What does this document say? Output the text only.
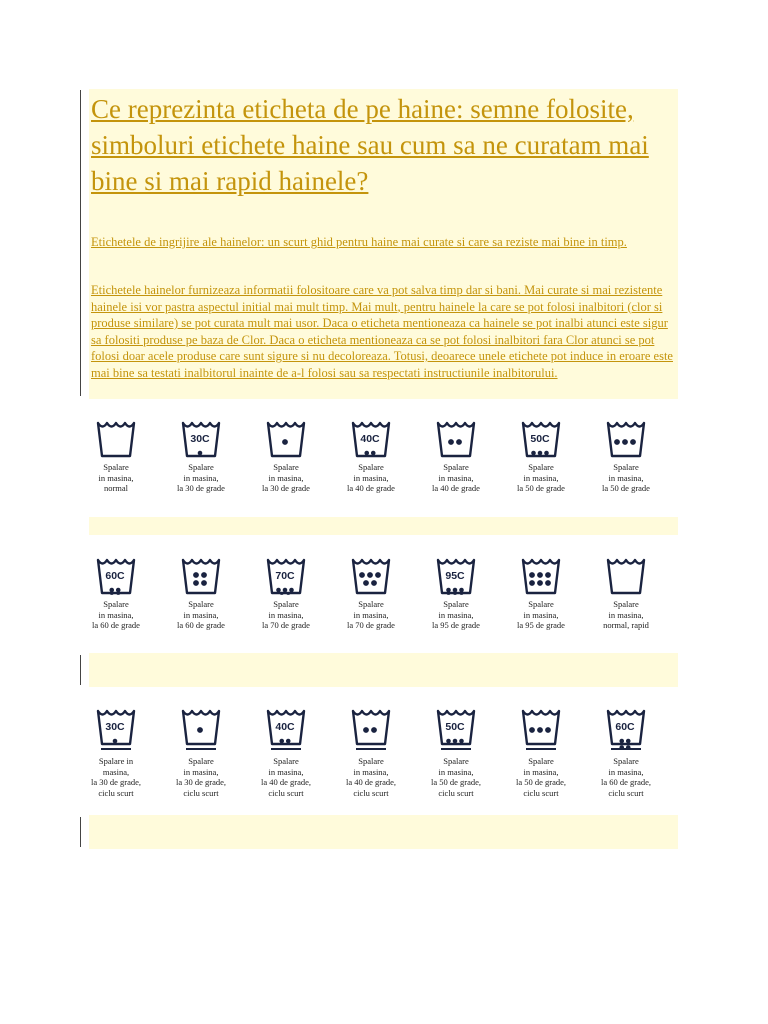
Ce reprezinta eticheta de pe haine: semne folosite, simboluri etichete haine sau cum sa ne curatam mai bine si mai rapid hainele?
Etichetele de ingrijire ale hainelor: un scurt ghid pentru haine mai curate si care sa reziste mai bine in timp.
Etichetele hainelor furnizeaza informatii folositoare care va pot salva timp dar si bani. Mai curate si mai rezistente hainele isi vor pastra aspectul initial mai mult timp. Mai mult, pentru hainele la care se pot folosi inalbitori (clor si produse similare) se pot curata mult mai usor. Daca o eticheta mentioneaza ca hainele se pot inalbi atunci este sigur sa folositi produse pe baza de Clor. Daca o eticheta mentioneaza ca se pot folosi inalbitori fara Clor atunci se pot folosi doar acele produse care sunt sigure si nu decoloreaza. Totusi, deoarece unele etichete pot induce in eroare este mai bine sa testati inalbitorul inainte de a-l folosi sau sa respectati instructiunile inalbitorului.
Spalare
in masina,
normal
30C
Spalare
in masina,
la 30 de grade
Spalare
in masina,
la 30 de grade
40C
Spalare
in masina,
la 40 de grade
Spalare
in masina,
la 40 de grade
50C
Spalare
in masina,
la 50 de grade
Spalare
in masina,
la 50 de grade
60C
Spalare
in masina,
la 60 de grade
Spalare
in masina,
la 60 de grade
70C
Spalare
in masina,
la 70 de grade
Spalare
in masina,
la 70 de grade
95C
Spalare
in masina,
la 95 de grade
Spalare
in masina,
la 95 de grade
Spalare
in masina,
normal, rapid
30C
Spalare in
masina,
la 30 de grade,
ciclu scurt
Spalare
in masina,
la 30 de grade,
ciclu scurt
40C
Spalare
in masina,
la 40 de grade,
ciclu scurt
Spalare
in masina,
la 40 de grade,
ciclu scurt
50C
Spalare
in masina,
la 50 de grade,
ciclu scurt
Spalare
in masina,
la 50 de grade,
ciclu scurt
60C
Spalare
in masina,
la 60 de grade,
ciclu scurt
